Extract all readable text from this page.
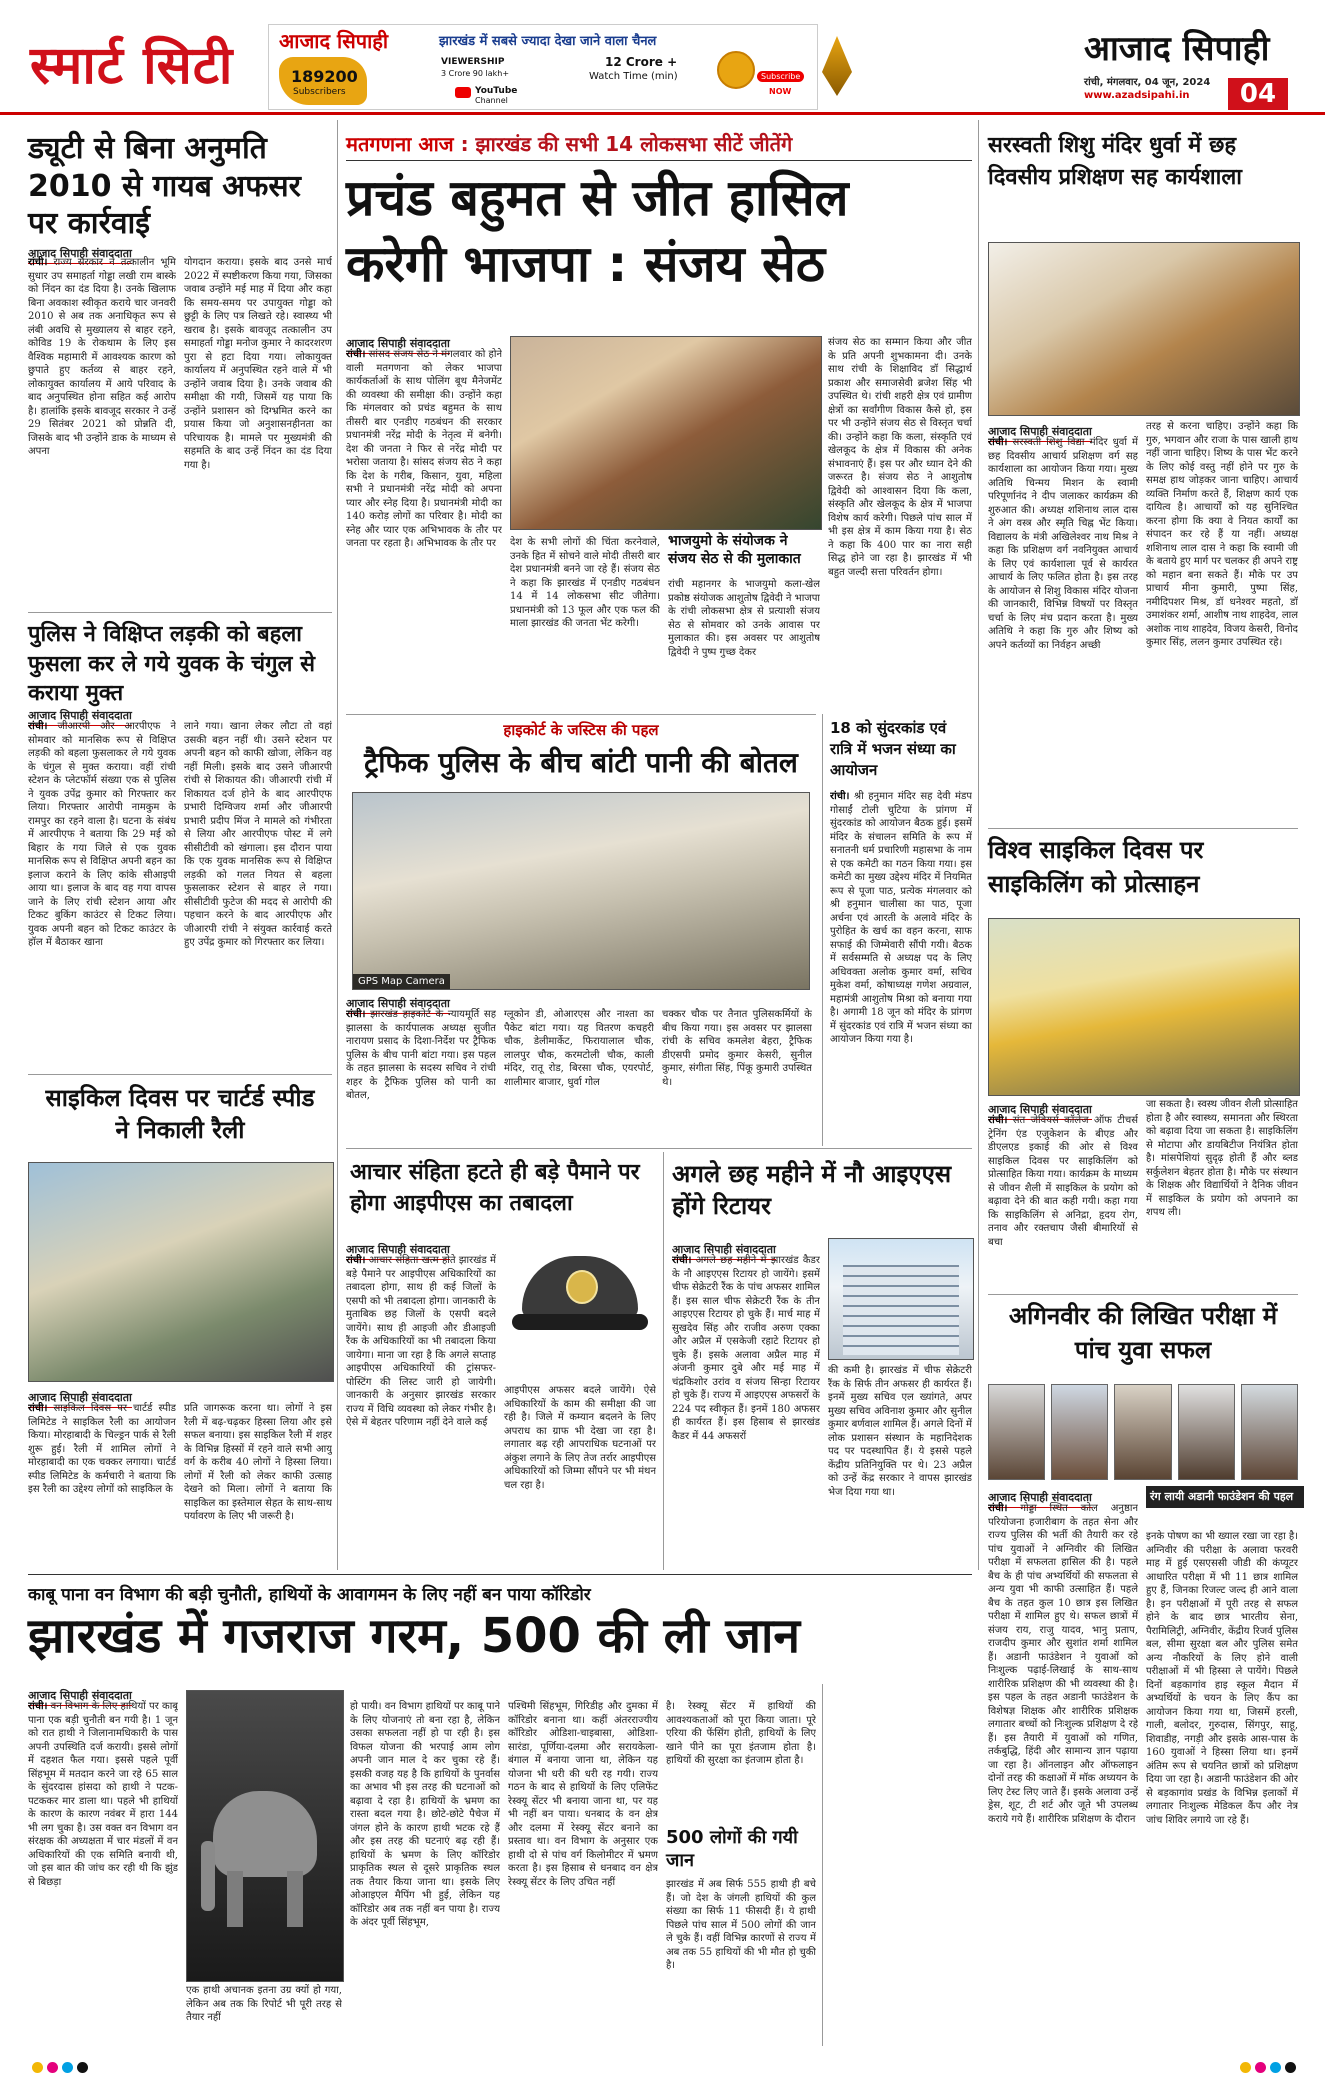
स्मार्ट सिटी आजाद सिपाही	झारखंड में सबसे ज्यादा देखा जाने वाला चैनल
189200
Subscribers
VIEWERSHIP
3 Crore 90 lakh+
YouTube
Channel
12 Crore +
Watch Time (min)	Subscribe
NOW
आजाद सिपाही
रांची, मंगलवार, 04 जून, 2024
www.azadsipahi.in	04
ड्यूटी से बिना अनुमति 2010 से गायब अफसर पर कार्रवाई
आजाद सिपाही संवाददाता
रांची। राज्य सरकार ने तत्कालीन भूमि सुधार उप समाहर्ता गोड्डा लखी राम बास्के को निंदन का दंड दिया है। उनके खिलाफ बिना अवकाश स्वीकृत कराये चार जनवरी 2010 से अब तक अनाधिकृत रूप से लंबी अवधि से मुख्यालय से बाहर रहने, कोविड 19 के रोकथाम के लिए इस वैश्विक महामारी में आवश्यक कारण को छुपाते हुए कर्तव्य से बाहर रहने, लोकायुक्त कार्यालय में आये परिवाद के बाद अनुपस्थित होना सहित कई आरोप है। हालांकि इसके बावजूद सरकार ने उन्हें 29 सितंबर 2021 को प्रोन्नति दी, जिसके बाद भी उन्होंने डाक के माध्यम से अपना
योगदान कराया। इसके बाद उनसे मार्च 2022 में स्पष्टीकरण किया गया, जिसका जवाब उन्होंने मई माह में दिया और कहा कि समय-समय पर उपायुक्त गोड्डा को छुट्टी के लिए पत्र लिखते रहे। स्वास्थ्य भी खराब है। इसके बावजूद तत्कालीन उप समाहर्ता गोड्डा मनोज कुमार ने कादरशरण पुरा से हटा दिया गया। लोकायुक्त कार्यालय में अनुपस्थित रहने वाले में भी उन्होंने जवाब दिया है। उनके जवाब की समीक्षा की गयी, जिसमें यह पाया कि उन्होंने प्रशासन को दिग्भ्रमित करने का प्रयास किया जो अनुशासनहीनता का परिचायक है। मामले पर मुख्यमंत्री की सहमति के बाद उन्हें निंदन का दंड दिया गया है।
पुलिस ने विक्षिप्त लड़की को बहला फुसला कर ले गये युवक के चंगुल से कराया मुक्त
आजाद सिपाही संवाददाता
रांची। जीआरपी और आरपीएफ ने सोमवार को मानसिक रूप से विक्षिप्त लड़की को बहला फुसलाकर ले गये युवक के चंगुल से मुक्त कराया। वहीं रांची स्टेशन के प्लेटफॉर्म संख्या एक से पुलिस ने युवक उपेंद्र कुमार को गिरफ्तार कर लिया। गिरफ्तार आरोपी नामकुम के रामपुर का रहने वाला है। घटना के संबंध में आरपीएफ ने बताया कि 29 मई को बिहार के गया जिले से एक युवक मानसिक रूप से विक्षिप्त अपनी बहन का इलाज कराने के लिए कांके सीआइपी आया था। इलाज के बाद वह गया वापस जाने के लिए रांची स्टेशन आया और टिकट बुकिंग काउंटर से टिकट लिया। युवक अपनी बहन को टिकट काउंटर के हॉल में बैठाकर खाना
लाने गया। खाना लेकर लौटा तो वहां उसकी बहन नहीं थी। उसने स्टेशन पर अपनी बहन को काफी खोजा, लेकिन वह नहीं मिली। इसके बाद उसने जीआरपी रांची से शिकायत की। जीआरपी रांची में शिकायत दर्ज होने के बाद आरपीएफ प्रभारी दिग्विजय शर्मा और जीआरपी प्रभारी प्रदीप मिंज ने मामले को गंभीरता से लिया और आरपीएफ पोस्ट में लगे सीसीटीवी को खंगाला। इस दौरान पाया कि एक युवक मानसिक रूप से विक्षिप्त लड़की को गलत नियत से बहला फुसलाकर स्टेशन से बाहर ले गया। सीसीटीवी फुटेज की मदद से आरोपी की पहचान करने के बाद आरपीएफ और जीआरपी रांची ने संयुक्त कार्रवाई करते हुए उपेंद्र कुमार को गिरफ्तार कर लिया।
साइकिल दिवस पर चार्टर्ड स्पीड ने निकाली रैली
आजाद सिपाही संवाददाता
रांची। साइकिल दिवस पर चार्टर्ड स्पीड लिमिटेड ने साइकिल रैली का आयोजन किया। मोरहाबादी के चिल्ड्रन पार्क से रैली शुरू हुई। रैली में शामिल लोगों ने मोरहाबादी का एक चक्कर लगाया। चार्टर्ड स्पीड लिमिटेड के कर्मचारी ने बताया कि इस रैली का उद्देश्य लोगों को साइकिल के
प्रति जागरूक करना था। लोगों ने इस रैली में बढ़-चढ़कर हिस्सा लिया और इसे सफल बनाया। इस साइकिल रैली में शहर के विभिन्न हिस्सों में रहने वाले सभी आयु वर्ग के करीब 40 लोगों ने हिस्सा लिया। लोगों में रैली को लेकर काफी उत्साह देखने को मिला। लोगों ने बताया कि साइकिल का इस्तेमाल सेहत के साथ-साथ पर्यावरण के लिए भी जरूरी है।
मतगणना आज : झारखंड की सभी 14 लोकसभा सीटें जीतेंगे
प्रचंड बहुमत से जीत हासिल
करेगी भाजपा : संजय सेठ
आजाद सिपाही संवाददाता
रांची। सांसद संजय सेठ ने मंगलवार को होने वाली मतगणना को लेकर भाजपा कार्यकर्ताओं के साथ पोलिंग बूथ मैनेजमेंट की व्यवस्था की समीक्षा की। उन्होंने कहा कि मंगलवार को प्रचंड बहुमत के साथ तीसरी बार एनडीए गठबंधन की सरकार प्रधानमंत्री नरेंद्र मोदी के नेतृत्व में बनेगी। देश की जनता ने फिर से नरेंद्र मोदी पर भरोसा जताया है। सांसद संजय सेठ ने कहा कि देश के गरीब, किसान, युवा, महिला सभी ने प्रधानमंत्री नरेंद्र मोदी को अपना प्यार और स्नेह दिया है। प्रधानमंत्री मोदी का 140 करोड़ लोगों का परिवार है। मोदी का स्नेह और प्यार एक अभिभावक के तौर पर जनता पर रहता है। अभिभावक के तौर पर	देश के सभी लोगों की चिंता करनेवाले, उनके हित में सोचने वाले मोदी तीसरी बार देश प्रधानमंत्री बनने जा रहे हैं। संजय सेठ ने कहा कि झारखंड में एनडीए गठबंधन 14 में 14 लोकसभा सीट जीतेगा। प्रधानमंत्री को 13 फूल और एक फल की माला झारखंड की जनता भेंट करेगी।
भाजयुमो के संयोजक ने संजय सेठ से की मुलाकात
रांची महानगर के भाजयुमो कला-खेल प्रकोष्ठ संयोजक आशुतोष द्विवेदी ने भाजपा के रांची लोकसभा क्षेत्र से प्रत्याशी संजय सेठ से सोमवार को उनके आवास पर मुलाकात की। इस अवसर पर आशुतोष द्विवेदी ने पुष्प गुच्छ देकर
संजय सेठ का सम्मान किया और जीत के प्रति अपनी शुभकामना दी। उनके साथ रांची के शिक्षाविद डॉ सिद्धार्थ प्रकाश और समाजसेवी ब्रजेश सिंह भी उपस्थित थे। रांची शहरी क्षेत्र एवं ग्रामीण क्षेत्रों का सर्वांगीण विकास कैसे हो, इस पर भी उन्होंने संजय सेठ से विस्तृत चर्चा की। उन्होंने कहा कि कला, संस्कृति एवं खेलकूद के क्षेत्र में विकास की अनेक संभावनाएं हैं। इस पर और ध्यान देने की जरूरत है। संजय सेठ ने आशुतोष द्विवेदी को आश्वासन दिया कि कला, संस्कृति और खेलकूद के क्षेत्र में भाजपा विशेष कार्य करेगी। पिछले पांच साल में भी इस क्षेत्र में काम किया गया है। सेठ ने कहा कि 400 पार का नारा सही सिद्ध होने जा रहा है। झारखंड में भी बहुत जल्दी सत्ता परिवर्तन होगा।
हाइकोर्ट के जस्टिस की पहल
ट्रैफिक पुलिस के बीच बांटी पानी की बोतल
GPS Map Camera
आजाद सिपाही संवाददाता
रांची। झारखंड हाइकोर्ट के न्यायमूर्ति सह झालसा के कार्यपालक अध्यक्ष सुजीत नारायण प्रसाद के दिशा-निर्देश पर ट्रैफिक पुलिस के बीच पानी बांटा गया। इस पहल के तहत झालसा के सदस्य सचिव ने रांची शहर के ट्रैफिक पुलिस को पानी का बोतल,
ग्लूकोन डी, ओआरएस और नाश्ता का पैकेट बांटा गया। यह वितरण कचहरी चौक, डेलीमार्केट, फिरायालाल चौक, लालपुर चौक, करमटोली चौक, काली मंदिर, रातू रोड, बिरसा चौक, एयरपोर्ट, शालीमार बाजार, धुर्वा गोल
चक्कर चौक पर तैनात पुलिसकर्मियों के बीच किया गया। इस अवसर पर झालसा रांची के सचिव कमलेश बेहरा, ट्रैफिक डीएसपी प्रमोद कुमार केसरी, सुनील कुमार, संगीता सिंह, पिंकू कुमारी उपस्थित थे।
18 को सुंदरकांड एवं रात्रि में भजन संध्या का आयोजन
रांची। श्री हनुमान मंदिर सह देवी मंडप गोसाईं टोली चुटिया के प्रांगण में सुंदरकांड को आयोजन बैठक हुई। इसमें मंदिर के संचालन समिति के रूप में सनातनी धर्म प्रचारिणी महासभा के नाम से एक कमेटी का गठन किया गया। इस कमेटी का मुख्य उद्देश्य मंदिर में नियमित रूप से पूजा पाठ, प्रत्येक मंगलवार को श्री हनुमान चालीसा का पाठ, पूजा अर्चना एवं आरती के अलावे मंदिर के पुरोहित के खर्च का वहन करना, साफ सफाई की जिम्मेवारी सौंपी गयी। बैठक में सर्वसम्मति से अध्यक्ष पद के लिए अधिवक्ता अलोक कुमार वर्मा, सचिव मुकेश वर्मा, कोषाध्यक्ष गणेश अग्रवाल, महामंत्री आशुतोष मिश्रा को बनाया गया है। अगामी 18 जून को मंदिर के प्रांगण में सुंदरकांड एवं रात्रि में भजन संध्या का आयोजन किया गया है।
आचार संहिता हटते ही बड़े पैमाने पर होगा आइपीएस का तबादला
आजाद सिपाही संवाददाता
रांची। आचार संहिता खत्म होते झारखंड में बड़े पैमाने पर आइपीएस अधिकारियों का तबादला होगा, साथ ही कई जिलों के एसपी को भी तबादला होगा। जानकारी के मुताबिक छह जिलों के एसपी बदले जायेंगे। साथ ही आइजी और डीआइजी रैंक के अधिकारियों का भी तबादला किया जायेगा। माना जा रहा है कि अगले सप्ताह आइपीएस अधिकारियों की ट्रांसफर-पोस्टिंग की लिस्ट जारी हो जायेगी। जानकारी के अनुसार झारखंड सरकार राज्य में विधि व्यवस्था को लेकर गंभीर है। ऐसे में बेहतर परिणाम नहीं देने वाले कई
आइपीएस अफसर बदले जायेंगे। ऐसे अधिकारियों के काम की समीक्षा की जा रही है। जिले में कम्यान बदलने के लिए अपराध का ग्राफ भी देखा जा रहा है। लगातार बढ़ रही आपराधिक घटनाओं पर अंकुश लगाने के लिए तेज तर्रार आइपीएस अधिकारियों को जिम्मा सौंपने पर भी मंथन चल रहा है।
अगले छह महीने में नौ आइएएस होंगे रिटायर
आजाद सिपाही संवाददाता
रांची। अगले छह महीने में झारखंड कैडर के नौ आइएएस रिटायर हो जायेंगे। इसमें चीफ सेक्रेटरी रैंक के पांच अफसर शामिल हैं। इस साल चीफ सेक्रेटरी रैंक के तीन आइएएस रिटायर हो चुके हैं। मार्च माह में सुखदेव सिंह और राजीव अरुण एक्का और अप्रैल में एसकेजी रहाटे रिटायर हो चुके हैं। इसके अलावा अप्रैल माह में अंजनी कुमार दुबे और मई माह में चंद्रकिशोर उरांव व संजय सिन्हा रिटायर हो चुके हैं। राज्य में आइएएस अफसरों के 224 पद स्वीकृत हैं। इनमें 180 अफसर ही कार्यरत हैं। इस हिसाब से झारखंड कैडर में 44 अफसरों
की कमी है। झारखंड में चीफ सेक्रेटरी रैंक के सिर्फ तीन अफसर ही कार्यरत हैं। इनमें मुख्य सचिव एल ख्यांगते, अपर मुख्य सचिव अविनाश कुमार और सुनील कुमार बर्णवाल शामिल हैं। अगले दिनों में लोक प्रशासन संस्थान के महानिदेशक पद पर पदस्थापित हैं। ये इससे पहले केंद्रीय प्रतिनियुक्ति पर थे। 23 अप्रैल को उन्हें केंद्र सरकार ने वापस झारखंड भेज दिया गया था।
सरस्वती शिशु मंदिर धुर्वा में छह दिवसीय प्रशिक्षण सह कार्यशाला
आजाद सिपाही संवाददाता
रांची। सरस्वती शिशु विद्या मंदिर धुर्वा में छह दिवसीय आचार्य प्रशिक्षण वर्ग सह कार्यशाला का आयोजन किया गया। मुख्य अतिथि चिन्मय मिशन के स्वामी परिपूर्णानंद ने दीप जलाकर कार्यक्रम की शुरुआत की। अध्यक्ष शशिनाथ लाल दास ने अंग वस्त्र और स्मृति चिह्न भेंट किया। विद्यालय के मंत्री अखिलेश्वर नाथ मिश्र ने कहा कि प्रशिक्षण वर्ग नवनियुक्त आचार्य के लिए एवं कार्यशाला पूर्व से कार्यरत आचार्य के लिए फलित होता है। इस तरह के आयोजन से शिशु विकास मंदिर योजना की जानकारी, विभिन्न विषयों पर विस्तृत चर्चा के लिए मंच प्रदान करता है। मुख्य अतिथि ने कहा कि गुरु और शिष्य को अपने कर्तव्यों का निर्वहन अच्छी
तरह से करना चाहिए। उन्होंने कहा कि गुरु, भगवान और राजा के पास खाली हाथ नहीं जाना चाहिए। शिष्य के पास भेंट करने के लिए कोई वस्तु नहीं होने पर गुरु के समक्ष हाथ जोड़कर जाना चाहिए। आचार्य व्यक्ति निर्माण करते हैं, शिक्षण कार्य एक दायित्व है। आचार्यों को यह सुनिश्चित करना होगा कि क्या वे नियत कार्यों का संपादन कर रहे हैं या नहीं। अध्यक्ष शशिनाथ लाल दास ने कहा कि स्वामी जी के बताये हुए मार्ग पर चलकर ही अपने राष्ट्र को महान बना सकते हैं। मौके पर उप प्राचार्य मीना कुमारी, पुष्पा सिंह, नमीदिपशर मिश्र, डॉ धनेश्वर महतो, डॉ उमाशंकर शर्मा, आशीष नाथ शाहदेव, लाल अशोक नाथ शाहदेव, विजय केसरी, विनोद कुमार सिंह, ललन कुमार उपस्थित रहे।
विश्व साइकिल दिवस पर साइकिलिंग को प्रोत्साहन
आजाद सिपाही संवाददाता
रांची। संत जेवियर्स कॉलेज ऑफ टीचर्स ट्रेनिंग एंड एजुकेशन के बीएड और डीएलएड इकाई की ओर से विश्व साइकिल दिवस पर साइकिलिंग को प्रोत्साहित किया गया। कार्यक्रम के माध्यम से जीवन शैली में साइकिल के प्रयोग को बढ़ावा देने की बात कही गयी। कहा गया कि साइकिलिंग से अनिद्रा, हृदय रोग, तनाव और रक्तचाप जैसी बीमारियों से बचा
जा सकता है। स्वस्थ जीवन शैली प्रोत्साहित होता है और स्वास्थ्य, समानता और स्थिरता को बढ़ावा दिया जा सकता है। साइकिलिंग से मोटापा और डायबिटीज नियंत्रित होता है। मांसपेशियां सुदृढ़ होती हैं और ब्लड सर्कुलेशन बेहतर होता है। मौके पर संस्थान के शिक्षक और विद्यार्थियों ने दैनिक जीवन में साइकिल के प्रयोग को अपनाने का शपथ ली।
अगिनवीर की लिखित परीक्षा में पांच युवा सफल
आजाद सिपाही संवाददाता	रंग लायी अडानी फाउंडेशन की पहल
रांची। गोड्डा स्थित कोल अनुष्ठान परियोजना हजारीबाग के तहत सेना और राज्य पुलिस की भर्ती की तैयारी कर रहे पांच युवाओं ने अग्निवीर की लिखित परीक्षा में सफलता हासिल की है। पहले बैच के ही पांच अभ्यर्थियों की सफलता से अन्य युवा भी काफी उत्साहित हैं। पहले बैच के तहत कुल 10 छात्र इस लिखित परीक्षा में शामिल हुए थे। सफल छात्रों में संजय राय, राजु यादव, भानु प्रताप, राजदीप कुमार और सुशांत शर्मा शामिल हैं। अडानी फाउंडेशन ने युवाओं को निःशुल्क पढ़ाई-लिखाई के साथ-साथ शारीरिक प्रशिक्षण की भी व्यवस्था की है। इस पहल के तहत अडानी फाउंडेशन के विशेषज्ञ शिक्षक और शारीरिक प्रशिक्षक लगातार बच्चों को निःशुल्क प्रशिक्षण दे रहे हैं। इस तैयारी में युवाओं को गणित, तर्कबुद्धि, हिंदी और सामान्य ज्ञान पढ़ाया जा रहा है। ऑनलाइन और ऑफलाइन दोनों तरह की कक्षाओं में मॉक अध्ययन के लिए टेस्ट लिए जाते हैं। इसके अलावा उन्हें ड्रेस, शूट, टी शर्ट और जूते भी उपलब्ध कराये गये हैं। शारीरिक प्रशिक्षण के दौरान
इनके पोषण का भी ख्याल रखा जा रहा है। अग्निवीर की परीक्षा के अलावा फरवरी माह में हुई एसएससी जीडी की कंप्यूटर आधारित परीक्षा में भी 11 छात्र शामिल हुए हैं, जिनका रिजल्ट जल्द ही आने वाला है। इन परीक्षाओं में पूरी तरह से सफल होने के बाद छात्र भारतीय सेना, पैरामिलिट्री, अग्निवीर, केंद्रीय रिजर्व पुलिस बल, सीमा सुरक्षा बल और पुलिस समेत अन्य नौकरियों के लिए होने वाली परीक्षाओं में भी हिस्सा ले पायेंगे। पिछले दिनों बड़कागांव हाइ स्कूल मैदान में अभ्यर्थियों के चयन के लिए कैंप का आयोजन किया गया था, जिसमें हरली, गाली, बलोदर, गुरुदास, सिंगपुर, साहू, शिवाडीह, नगड़ी और इसके आस-पास के 160 युवाओं ने हिस्सा लिया था। इनमें अंतिम रूप से चयनित छात्रों को प्रशिक्षण दिया जा रहा है। अडानी फाउंडेशन की ओर से बड़कागांव प्रखंड के विभिन्न इलाकों में लगातार निःशुल्क मेडिकल कैंप और नेत्र जांच शिविर लगाये जा रहे हैं।
काबू पाना वन विभाग की बड़ी चुनौती, हाथियों के आवागमन के लिए नहीं बन पाया कॉरिडोर
झारखंड में गजराज गरम, 500 की ली जान
आजाद सिपाही संवाददाता
रांची। वन विभाग के लिए हाथियों पर काबू पाना एक बड़ी चुनौती बन गयी है। 1 जून को रात हाथी ने जिलानामधिकारी के पास अपनी उपस्थिति दर्ज करायी। इससे लोगों में दहशत फैल गया। इससे पहले पूर्वी सिंहभूम में मतदान करने जा रहे 65 साल के सुंदरदास हांसदा को हाथी ने पटक-पटककर मार डाला था। पहले भी हाथियों के कारण के कारण नवंबर में हारा 144 भी लग चुका है। उस वक्त वन विभाग वन संरक्षक की अध्यक्षता में चार मंडलों में वन अधिकारियों की एक समिति बनायी थी, जो इस बात की जांच कर रही थी कि झुंड से बिछड़ा
एक हाथी अचानक इतना उग्र क्यों हो गया, लेकिन अब तक कि रिपोर्ट भी पूरी तरह से तैयार नहीं
हो पायी। वन विभाग हाथियों पर काबू पाने के लिए योजनाएं तो बना रहा है, लेकिन उसका सफलता नहीं हो पा रही है। इस विफल योजना की भरपाई आम लोग अपनी जान माल दे कर चुका रहे हैं। इसकी वजह यह है कि हाथियों के पुनर्वास का अभाव भी इस तरह की घटनाओं को बढ़ावा दे रहा है। हाथियों के भ्रमण का रास्ता बदल गया है। छोटे-छोटे पैचेज में जंगल होने के कारण हाथी भटक रहे हैं और इस तरह की घटनाएं बढ़ रही हैं। हाथियों के भ्रमण के लिए कॉरिडोर प्राकृतिक स्थल से दूसरे प्राकृतिक स्थल तक तैयार किया जाना था। इसके लिए ओआइएल मैपिंग भी हुई, लेकिन यह कॉरिडोर अब तक नहीं बन पाया है। राज्य के अंदर पूर्वी सिंहभूम,
पश्चिमी सिंहभूम, गिरिडीह और दुमका में कॉरिडोर बनाना था। कहीं अंतरराज्यीय कॉरिडोर ओडिशा-चाइबासा, ओडिशा-सारंडा, पूर्णिया-दलमा और सरायकेला-बंगाल में बनाया जाना था, लेकिन यह योजना भी धरी की धरी रह गयी। राज्य गठन के बाद से हाथियों के लिए एलिफेंट रेस्क्यू सेंटर भी बनाया जाना था, पर यह भी नहीं बन पाया। धनबाद के वन क्षेत्र और दलमा में रेस्क्यू सेंटर बनाने का प्रस्ताव था। वन विभाग के अनुसार एक हाथी दो से पांच वर्ग किलोमीटर में भ्रमण करता है। इस हिसाब से धनबाद वन क्षेत्र रेस्क्यू सेंटर के लिए उचित नहीं
है। रेस्क्यू सेंटर में हाथियों की आवश्यकताओं को पूरा किया जाता। पूरे एरिया की फेंसिंग होती, हाथियों के लिए खाने पीने का पूरा इंतजाम होता है। हाथियों की सुरक्षा का इंतजाम होता है।
500 लोगों की गयी जान
झारखंड में अब सिर्फ 555 हाथी ही बचे हैं। जो देश के जंगली हाथियों की कुल संख्या का सिर्फ 11 फीसदी हैं। ये हाथी पिछले पांच साल में 500 लोगों की जान ले चुके हैं। वहीं विभिन्न कारणों से राज्य में अब तक 55 हाथियों की भी मौत हो चुकी है।
